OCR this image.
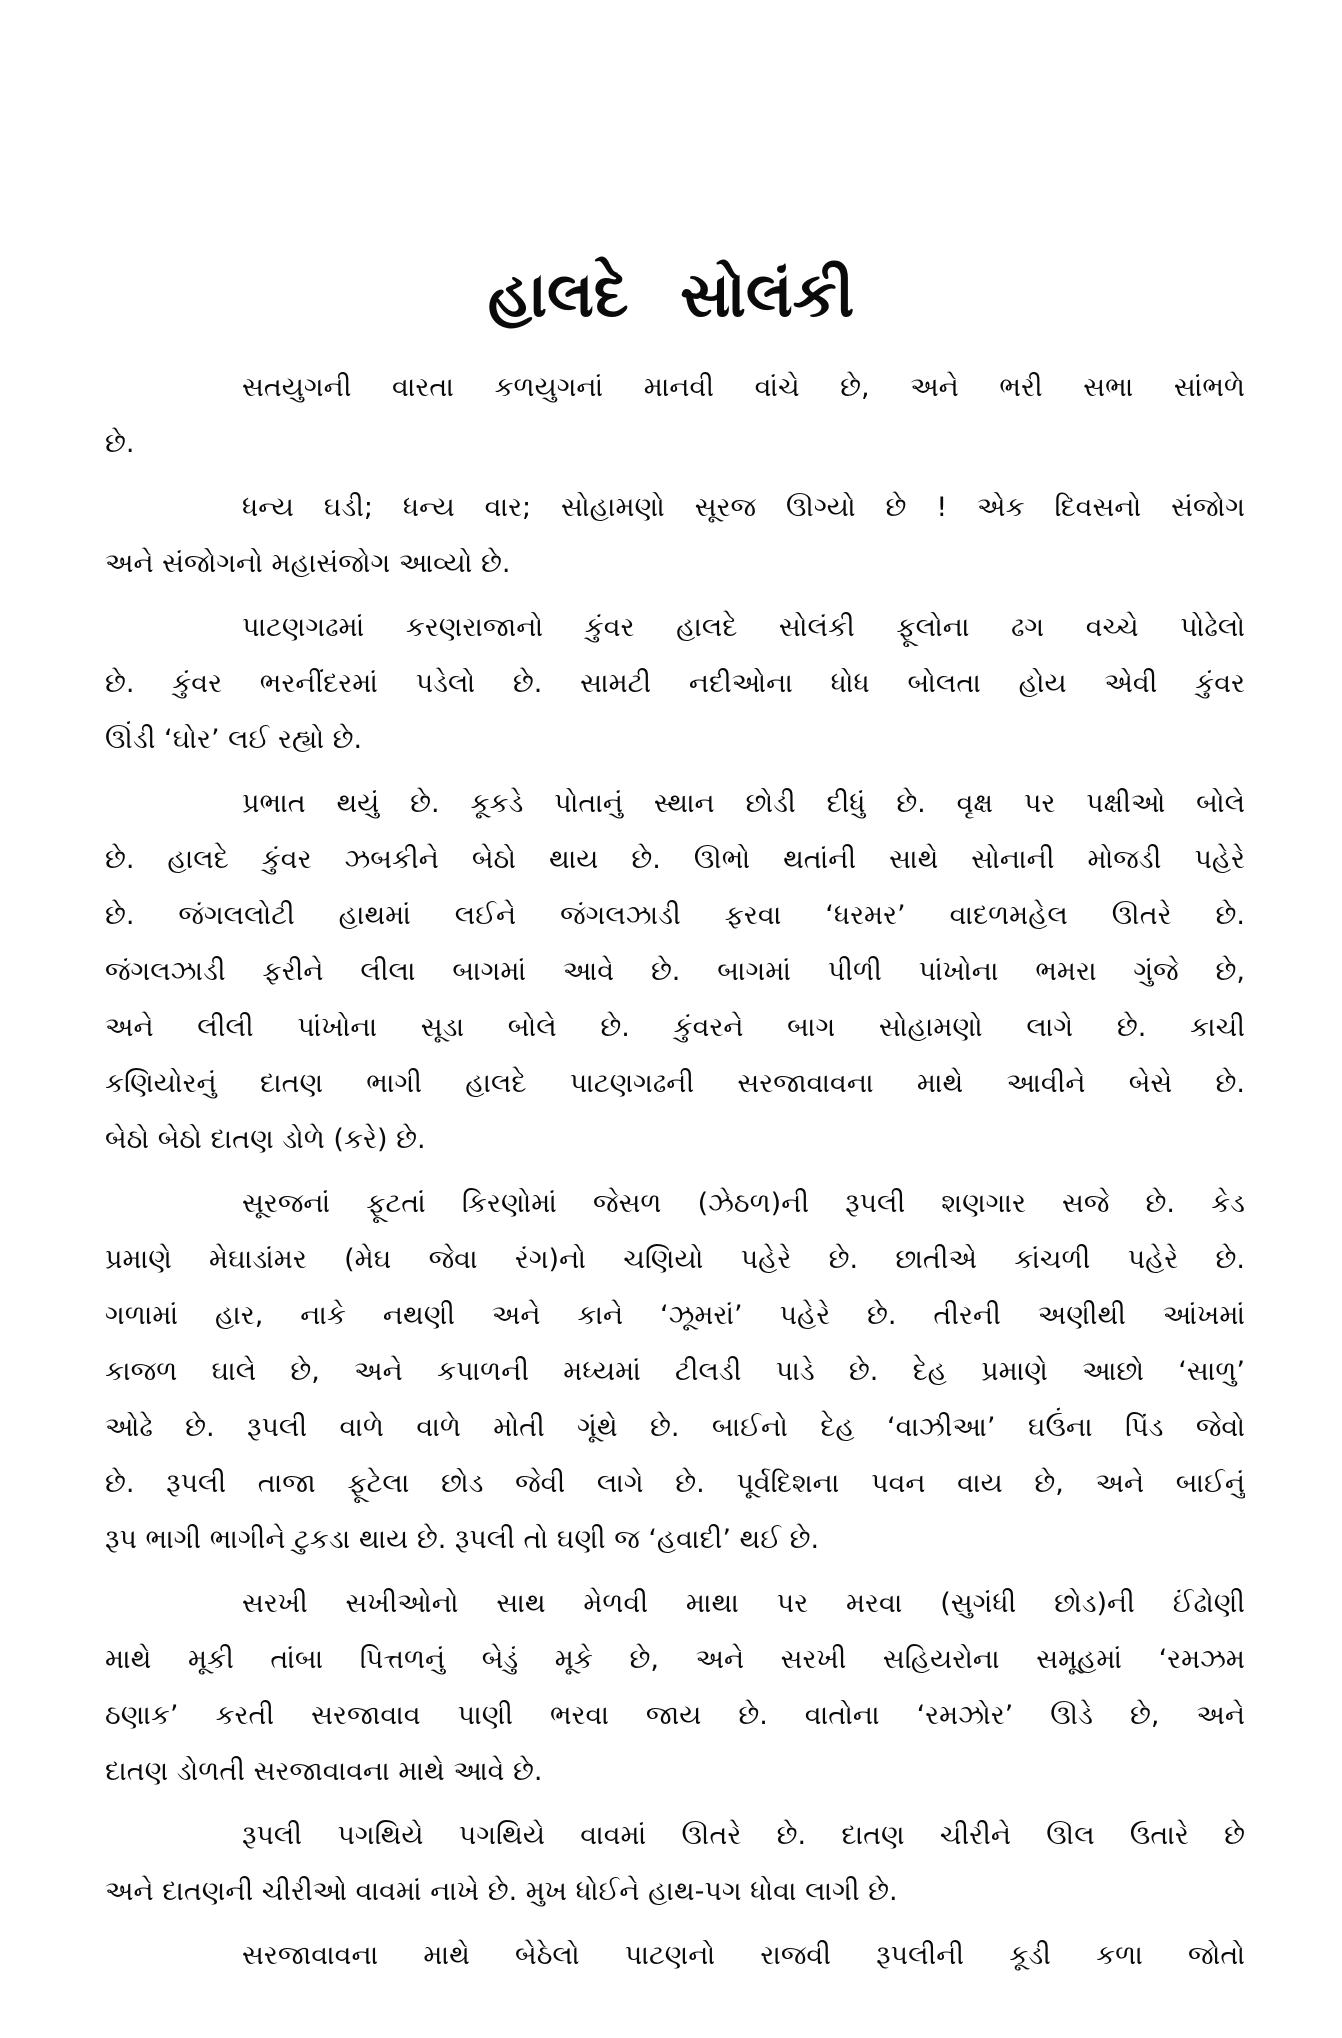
હાલદે સોલંકી
સતયુગની વારતા કળયુગનાં માનવી વાંચે છે, અને ભરી સભા સાંભળે
છે.
ધન્ય ઘડી; ધન્ય વાર; સોહામણો સૂરજ ઊગ્યો છે ! એક દિવસનો સંજોગ
અને સંજોગનો મહાસંજોગ આવ્યો છે.
પાટણગઢમાં કરણરાજાનો કુંવર હાલદે સોલંકી ફૂલોના ઢગ વચ્ચે પોઢેલો
છે. કુંવર ભરનીંદરમાં પડેલો છે. સામટી નદીઓના ધોધ બોલતા હોય એવી કુંવર
ઊંડી ‘ઘોર’ લઈ રહ્યો છે.
પ્રભાત થયું છે. કૂકડે પોતાનું સ્થાન છોડી દીધું છે. વૃક્ષ પર પક્ષીઓ બોલે
છે. હાલદે કુંવર ઝબકીને બેઠો થાય છે. ઊભો થતાંની સાથે સોનાની મોજડી પહેરે
છે. જંગલલોટી હાથમાં લઈને જંગલઝાડી ફરવા ‘ધરમર’ વાદળમહેલ ઊતરે છે.
જંગલઝાડી ફરીને લીલા બાગમાં આવે છે. બાગમાં પીળી પાંખોના ભમરા ગુંજે છે,
અને લીલી પાંખોના સૂડા બોલે છે. કુંવરને બાગ સોહામણો લાગે છે. કાચી
કણિયોરનું દાતણ ભાગી હાલદે પાટણગઢની સરજાવાવના માથે આવીને બેસે છે.
બેઠો બેઠો દાતણ ડોળે (કરે) છે.
સૂરજનાં ફૂટતાં કિરણોમાં જેસળ (ઝેઠળ)ની રૂપલી શણગાર સજે છે. કેડ
પ્રમાણે મેઘાડાંમર (મેઘ જેવા રંગ)નો ચણિયો પહેરે છે. છાતીએ કાંચળી પહેરે છે.
ગળામાં હાર, નાકે નથણી અને કાને ‘ઝૂમરાં’ પહેરે છે. તીરની અણીથી આંખમાં
કાજળ ઘાલે છે, અને કપાળની મધ્યમાં ટીલડી પાડે છે. દેહ પ્રમાણે આછો ‘સાળુ’
ઓઢે છે. રૂપલી વાળે વાળે મોતી ગૂંથે છે. બાઈનો દેહ ‘વાઝીઆ’ ઘઉંના પિંડ જેવો
છે. રૂપલી તાજા ફૂટેલા છોડ જેવી લાગે છે. પૂર્વદિશના પવન વાય છે, અને બાઈનું
રૂપ ભાગી ભાગીને ટુકડા થાય છે. રૂપલી તો ઘણી જ ‘હવાદી’ થઈ છે.
સરખી સખીઓનો સાથ મેળવી માથા પર મરવા (સુગંધી છોડ)ની ઈંઢોણી
માથે મૂકી તાંબા પિત્તળનું બેડું મૂકે છે, અને સરખી સહિયરોના સમૂહમાં ‘રમઝમ
ઠણાક’ કરતી સરજાવાવ પાણી ભરવા જાય છે. વાતોના ‘રમઝોર’ ઊડે છે, અને
દાતણ ડોળતી સરજાવાવના માથે આવે છે.
રૂપલી પગથિયે પગથિયે વાવમાં ઊતરે છે. દાતણ ચીરીને ઊલ ઉતારે છે
અને દાતણની ચીરીઓ વાવમાં નાખે છે. મુખ ધોઈને હાથ-પગ ધોવા લાગી છે.
સરજાવાવના માથે બેઠેલો પાટણનો રાજવી રૂપલીની કૂડી કળા જોતો
